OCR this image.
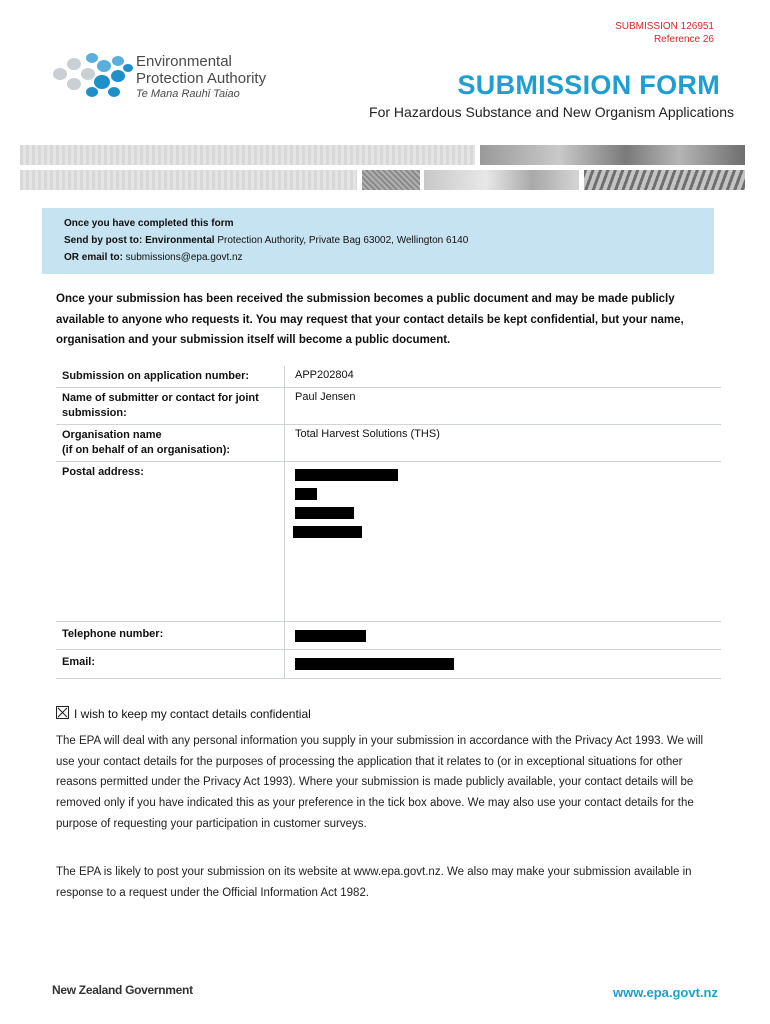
SUBMISSION 126951
Reference 26
Environmental
Protection Authority
Te Mana Rauhī Taiao	SUBMISSION FORM
For Hazardous Substance and New Organism Applications
Once you have completed this form
Send by post to: Environmental Protection Authority, Private Bag 63002, Wellington 6140
OR email to: submissions@epa.govt.nz
Once your submission has been received the submission becomes a public document and may be made publicly available to anyone who requests it. You may request that your contact details be kept confidential, but your name, organisation and your submission itself will become a public document.
Submission on application number:	APP202804
Name of submitter or contact for joint submission:	Paul Jensen
Organisation name
(if on behalf of an organisation):	Total Harvest Solutions (THS)
Postal address:	

Telephone number:	

Email:	
I wish to keep my contact details confidential
The EPA will deal with any personal information you supply in your submission in accordance with the Privacy Act 1993. We will use your contact details for the purposes of processing the application that it relates to (or in exceptional situations for other reasons permitted under the Privacy Act 1993). Where your submission is made publicly available, your contact details will be removed only if you have indicated this as your preference in the tick box above. We may also use your contact details for the purpose of requesting your participation in customer surveys.
The EPA is likely to post your submission on its website at www.epa.govt.nz. We also may make your submission available in response to a request under the Official Information Act 1982.
New Zealand Government	www.epa.govt.nz
